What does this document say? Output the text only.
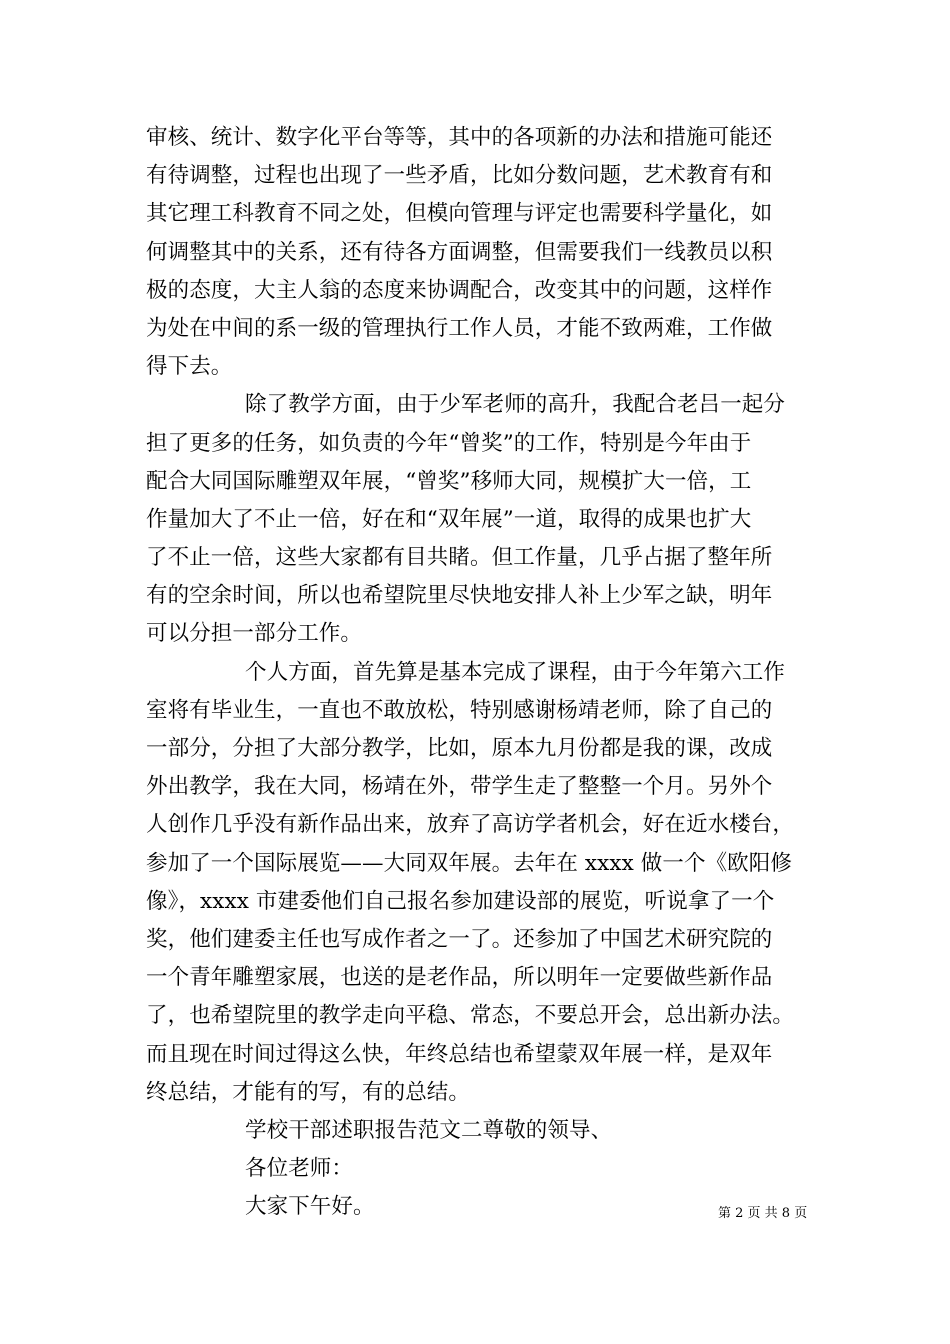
审核、统计、数字化平台等等，其中的各项新的办法和措施可能还
有待调整，过程也出现了一些矛盾，比如分数问题，艺术教育有和
其它理工科教育不同之处，但模向管理与评定也需要科学量化，如
何调整其中的关系，还有待各方面调整，但需要我们一线教员以积
极的态度，大主人翁的态度来协调配合，改变其中的问题，这样作
为处在中间的系一级的管理执行工作人员，才能不致两难，工作做
得下去。
除了教学方面，由于少军老师的高升，我配合老吕一起分
担了更多的任务，如负责的今年“曾奖”的工作，特别是今年由于
配合大同国际雕塑双年展，“曾奖”移师大同，规模扩大一倍，工
作量加大了不止一倍，好在和“双年展”一道，取得的成果也扩大
了不止一倍，这些大家都有目共睹。但工作量，几乎占据了整年所
有的空余时间，所以也希望院里尽快地安排人补上少军之缺，明年
可以分担一部分工作。
个人方面，首先算是基本完成了课程，由于今年第六工作
室将有毕业生，一直也不敢放松，特别感谢杨靖老师，除了自己的
一部分，分担了大部分教学，比如，原本九月份都是我的课，改成
外出教学，我在大同，杨靖在外，带学生走了整整一个月。另外个
人创作几乎没有新作品出来，放弃了高访学者机会，好在近水楼台，
参加了一个国际展览——大同双年展。去年在 xxxx 做一个《欧阳修
像》，xxxx 市建委他们自己报名参加建设部的展览，听说拿了一个
奖，他们建委主任也写成作者之一了。还参加了中国艺术研究院的
一个青年雕塑家展，也送的是老作品，所以明年一定要做些新作品
了，也希望院里的教学走向平稳、常态，不要总开会，总出新办法。
而且现在时间过得这么快，年终总结也希望蒙双年展一样，是双年
终总结，才能有的写，有的总结。
学校干部述职报告范文二尊敬的领导、
各位老师：
大家下午好。	第 2 页 共 8 页
